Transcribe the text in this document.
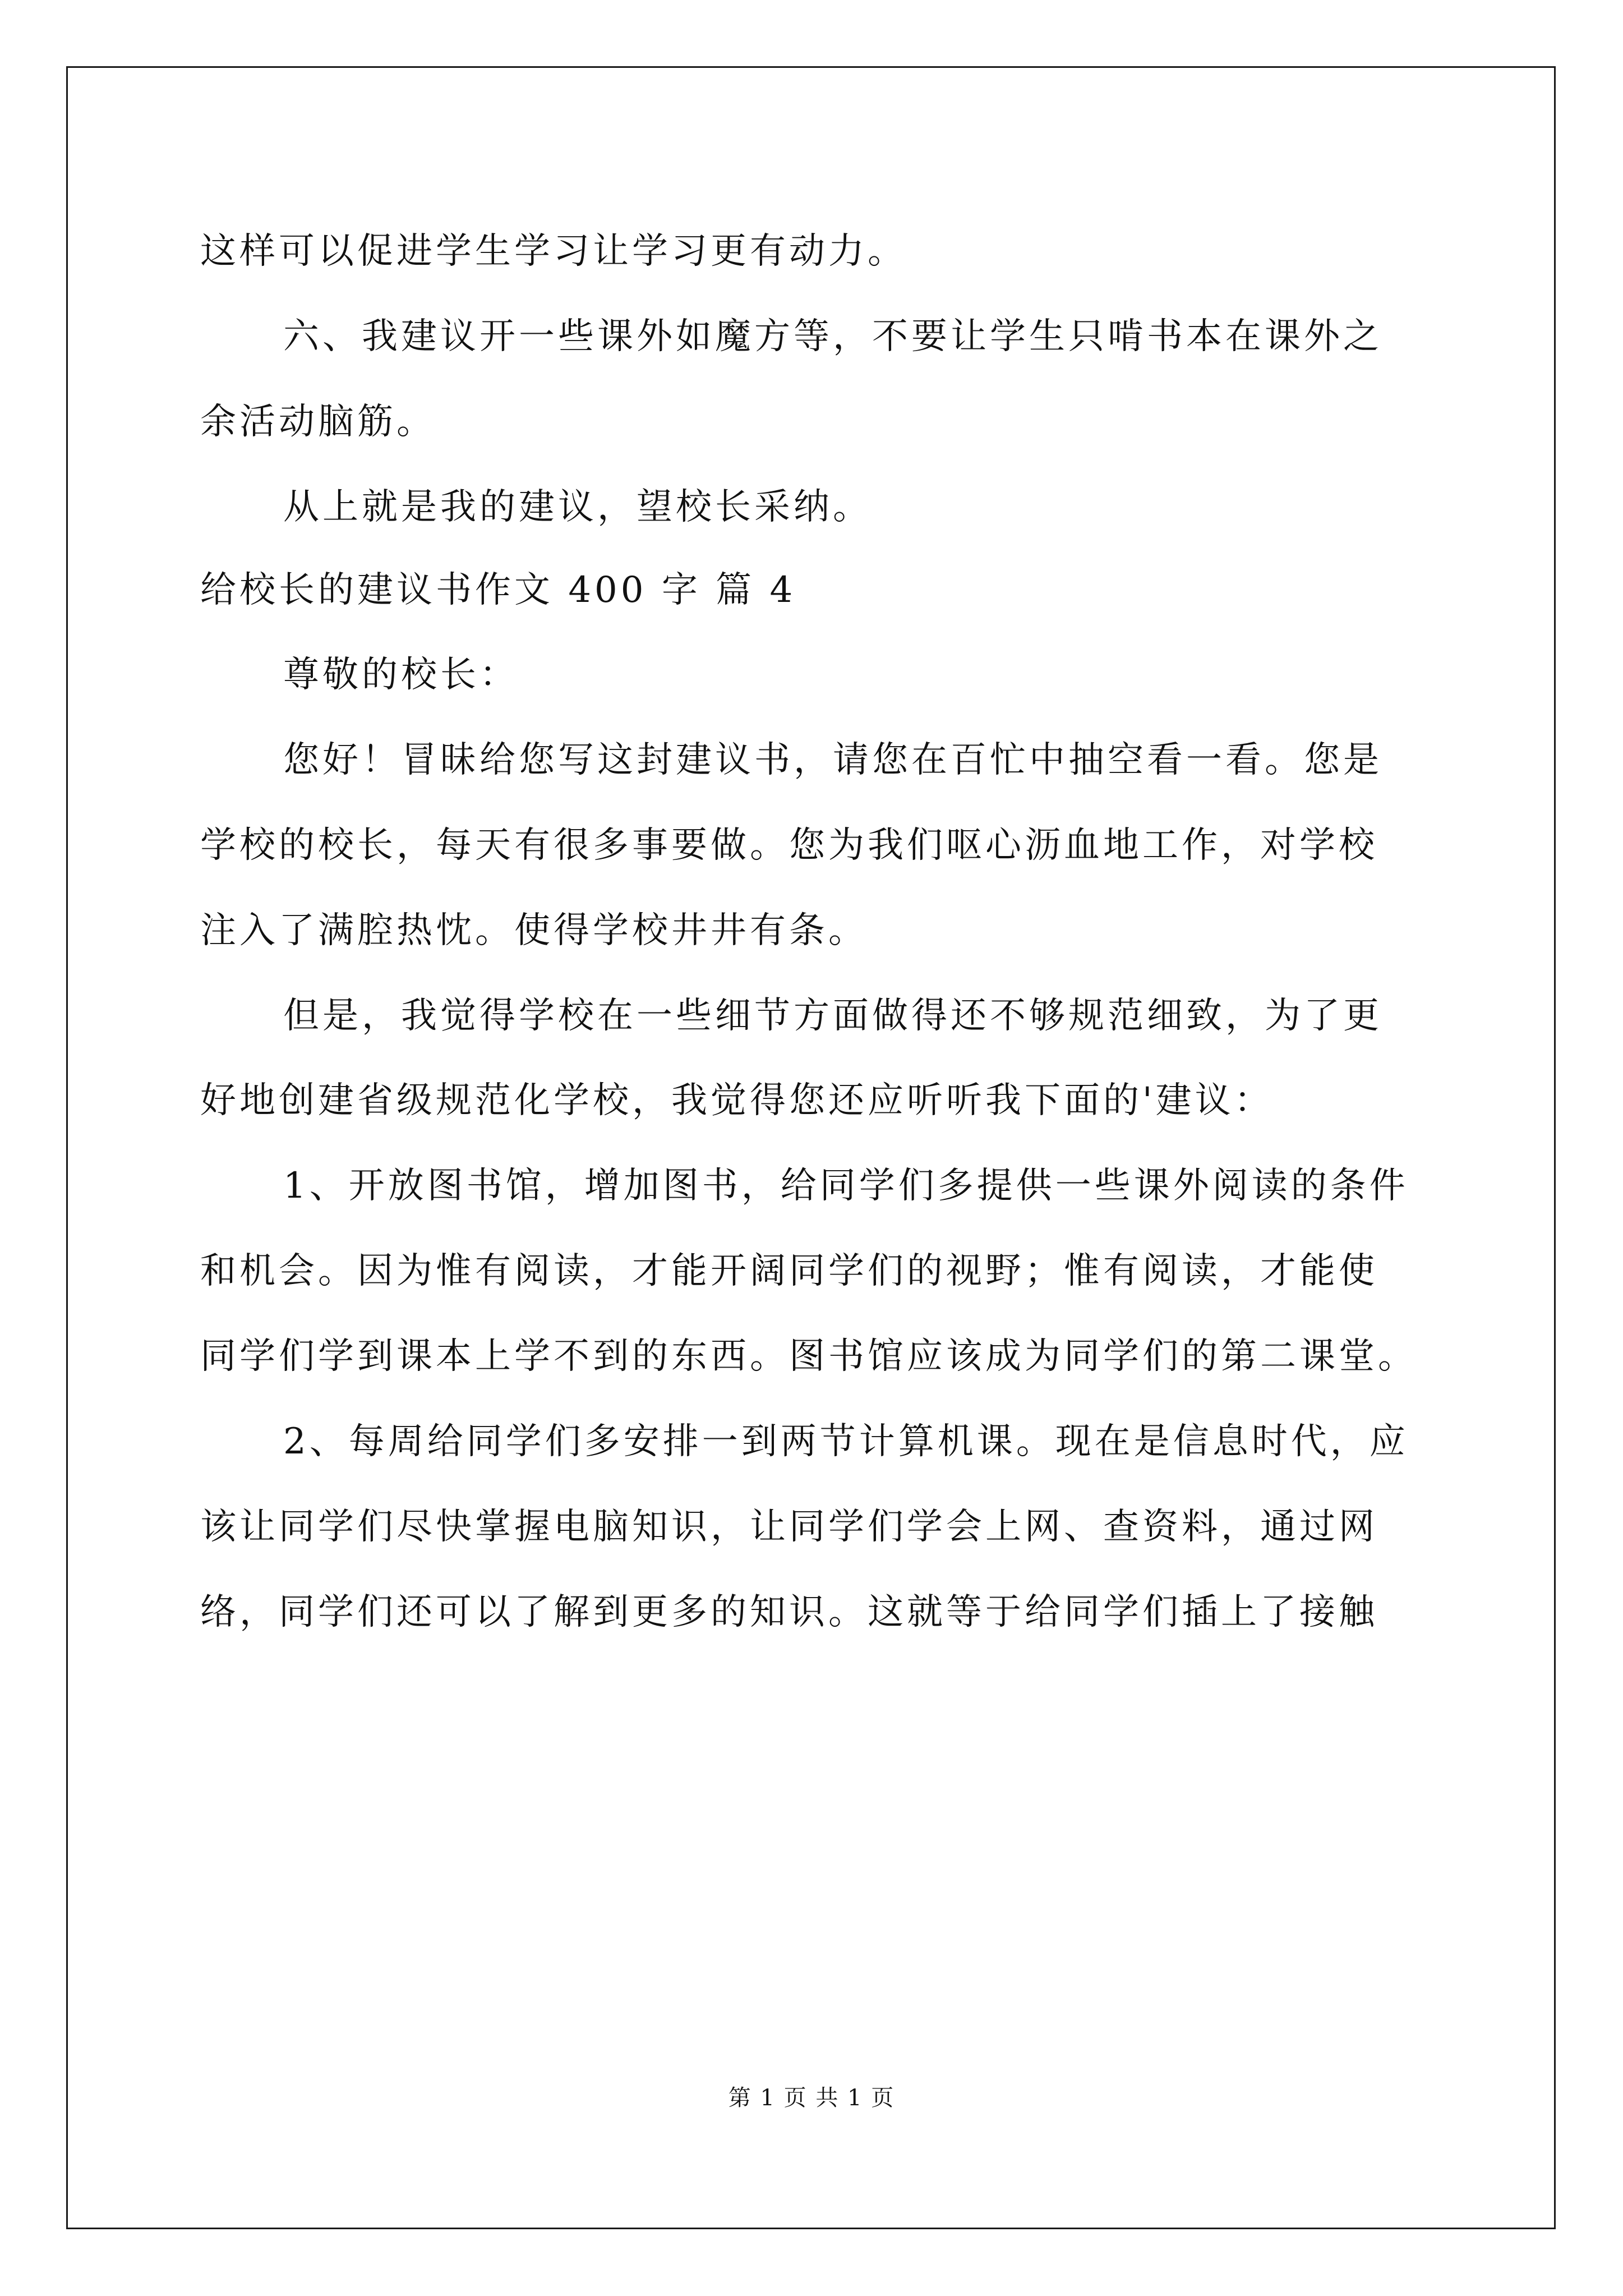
这样可以促进学生学习让学习更有动力。
六、我建议开一些课外如魔方等，不要让学生只啃书本在课外之
余活动脑筋。
从上就是我的建议，望校长采纳。
给校长的建议书作文 400 字 篇 4
尊敬的校长：
您好！冒昧给您写这封建议书，请您在百忙中抽空看一看。您是
学校的校长，每天有很多事要做。您为我们呕心沥血地工作，对学校
注入了满腔热忱。使得学校井井有条。
但是，我觉得学校在一些细节方面做得还不够规范细致，为了更
好地创建省级规范化学校，我觉得您还应听听我下面的'建议：
1、开放图书馆，增加图书，给同学们多提供一些课外阅读的条件
和机会。因为惟有阅读，才能开阔同学们的视野；惟有阅读，才能使
同学们学到课本上学不到的东西。图书馆应该成为同学们的第二课堂。
2、每周给同学们多安排一到两节计算机课。现在是信息时代，应
该让同学们尽快掌握电脑知识，让同学们学会上网、查资料，通过网
络，同学们还可以了解到更多的知识。这就等于给同学们插上了接触
第 1 页 共 1 页
